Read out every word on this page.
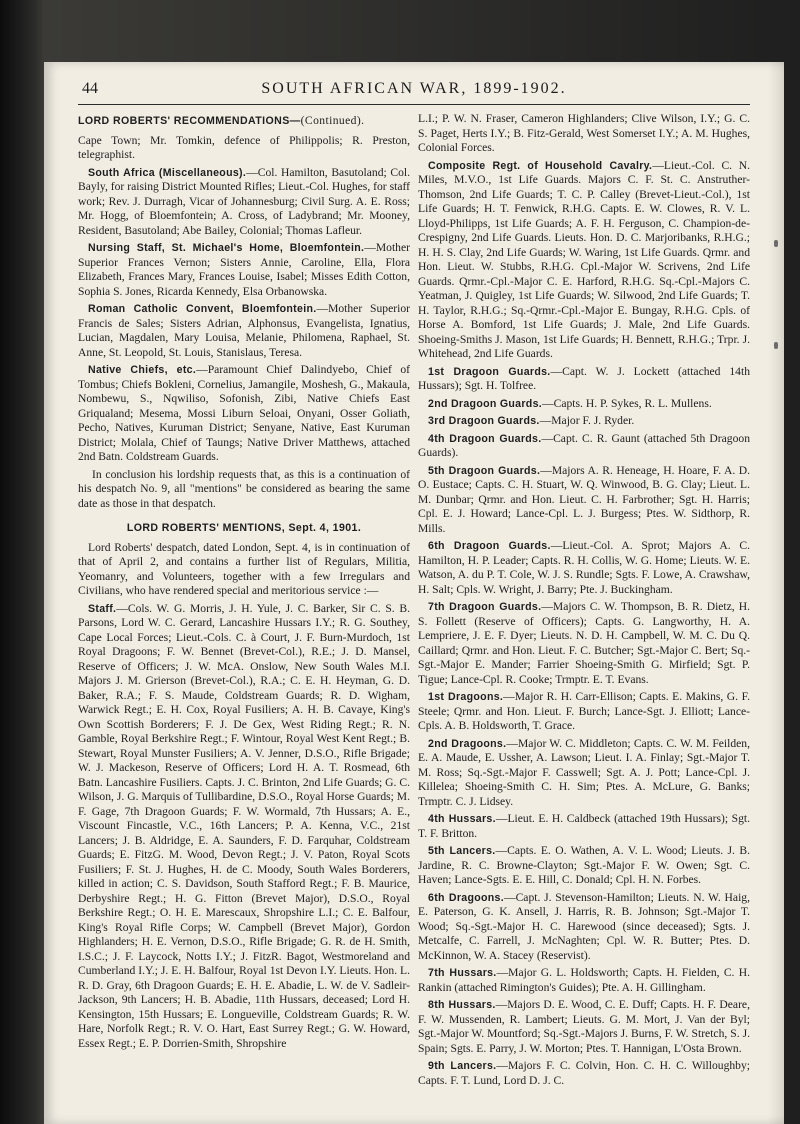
44	SOUTH AFRICAN WAR, 1899-1902.
LORD ROBERTS' RECOMMENDATIONS—(Continued).

Cape Town; Mr. Tomkin, defence of Philippolis; R. Preston, telegraphist.

South Africa (Miscellaneous).—Col. Hamilton, Basutoland; Col. Bayly, for raising District Mounted Rifles; Lieut.-Col. Hughes, for staff work; Rev. J. Durragh, Vicar of Johannesburg; Civil Surg. A. E. Ross; Mr. Hogg, of Bloemfontein; A. Cross, of Ladybrand; Mr. Mooney, Resident, Basutoland; Abe Bailey, Colonial; Thomas Lafleur.

Nursing Staff, St. Michael's Home, Bloemfontein.—Mother Superior Frances Vernon; Sisters Annie, Caroline, Ella, Flora Elizabeth, Frances Mary, Frances Louise, Isabel; Misses Edith Cotton, Sophia S. Jones, Ricarda Kennedy, Elsa Orbanowska.

Roman Catholic Convent, Bloemfontein.—Mother Superior Francis de Sales; Sisters Adrian, Alphonsus, Evangelista, Ignatius, Lucian, Magdalen, Mary Louisa, Melanie, Philomena, Raphael, St. Anne, St. Leopold, St. Louis, Stanislaus, Teresa.

Native Chiefs, etc.—Paramount Chief Dalindyebo, Chief of Tombus; Chiefs Bokleni, Cornelius, Jamangile, Moshesh, G., Makaula, Nombewu, S., Nqwiliso, Sofonish, Zibi, Native Chiefs East Griqualand; Mesema, Mossi Liburn Seloai, Onyani, Osser Goliath, Pecho, Natives, Kuruman District; Senyane, Native, East Kuruman District; Molala, Chief of Taungs; Native Driver Matthews, attached 2nd Batn. Coldstream Guards.

In conclusion his lordship requests that, as this is a continuation of his despatch No. 9, all "mentions" be considered as bearing the same date as those in that despatch.

LORD ROBERTS' MENTIONS, Sept. 4, 1901.

Lord Roberts' despatch, dated London, Sept. 4, is in continuation of that of April 2, and contains a further list of Regulars, Militia, Yeomanry, and Volunteers, together with a few Irregulars and Civilians, who have rendered special and meritorious service :—

Staff.—Cols. W. G. Morris, J. H. Yule, J. C. Barker, Sir C. S. B. Parsons, Lord W. C. Gerard, Lancashire Hussars I.Y.; R. G. Southey, Cape Local Forces; Lieut.-Cols. C. à Court, J. F. Burn-Murdoch, 1st Royal Dragoons; F. W. Bennet (Brevet-Col.), R.E.; J. D. Mansel, Reserve of Officers; J. W. McA. Onslow, New South Wales M.I. Majors J. M. Grierson (Brevet-Col.), R.A.; C. E. H. Heyman, G. D. Baker, R.A.; F. S. Maude, Coldstream Guards; R. D. Wigham, Warwick Regt.; E. H. Cox, Royal Fusiliers; A. H. B. Cavaye, King's Own Scottish Borderers; F. J. De Gex, West Riding Regt.; R. N. Gamble, Royal Berkshire Regt.; F. Wintour, Royal West Kent Regt.; B. Stewart, Royal Munster Fusiliers; A. V. Jenner, D.S.O., Rifle Brigade; W. J. Mackeson, Reserve of Officers; Lord H. A. T. Rosmead, 6th Batn. Lancashire Fusiliers. Capts. J. C. Brinton, 2nd Life Guards; G. C. Wilson, J. G. Marquis of Tullibardine, D.S.O., Royal Horse Guards; M. F. Gage, 7th Dragoon Guards; F. W. Wormald, 7th Hussars; A. E., Viscount Fincastle, V.C., 16th Lancers; P. A. Kenna, V.C., 21st Lancers; J. B. Aldridge, E. A. Saunders, F. D. Farquhar, Coldstream Guards; E. FitzG. M. Wood, Devon Regt.; J. V. Paton, Royal Scots Fusiliers; F. St. J. Hughes, H. de C. Moody, South Wales Borderers, killed in action; C. S. Davidson, South Stafford Regt.; F. B. Maurice, Derbyshire Regt.; H. G. Fitton (Brevet Major), D.S.O., Royal Berkshire Regt.; O. H. E. Marescaux, Shropshire L.I.; C. E. Balfour, King's Royal Rifle Corps; W. Campbell (Brevet Major), Gordon Highlanders; H. E. Vernon, D.S.O., Rifle Brigade; G. R. de H. Smith, I.S.C.; J. F. Laycock, Notts I.Y.; J. FitzR. Bagot, Westmoreland and Cumberland I.Y.; J. E. H. Balfour, Royal 1st Devon I.Y. Lieuts. Hon. L. R. D. Gray, 6th Dragoon Guards; E. H. E. Abadie, L. W. de V. Sadleir-Jackson, 9th Lancers; H. B. Abadie, 11th Hussars, deceased; Lord H. Kensington, 15th Hussars; E. Longueville, Coldstream Guards; R. W. Hare, Norfolk Regt.; R. V. O. Hart, East Surrey Regt.; G. W. Howard, Essex Regt.; E. P. Dorrien-Smith, Shropshire

L.I.; P. W. N. Fraser, Cameron Highlanders; Clive Wilson, I.Y.; G. C. S. Paget, Herts I.Y.; B. Fitz-Gerald, West Somerset I.Y.; A. M. Hughes, Colonial Forces.

Composite Regt. of Household Cavalry.—Lieut.-Col. C. N. Miles, M.V.O., 1st Life Guards. Majors C. F. St. C. Anstruther-Thomson, 2nd Life Guards; T. C. P. Calley (Brevet-Lieut.-Col.), 1st Life Guards; H. T. Fenwick, R.H.G. Capts. E. W. Clowes, R. V. L. Lloyd-Philipps, 1st Life Guards; A. F. H. Ferguson, C. Champion-de-Crespigny, 2nd Life Guards. Lieuts. Hon. D. C. Marjoribanks, R.H.G.; H. H. S. Clay, 2nd Life Guards; W. Waring, 1st Life Guards. Qrmr. and Hon. Lieut. W. Stubbs, R.H.G. Cpl.-Major W. Scrivens, 2nd Life Guards. Qrmr.-Cpl.-Major C. E. Harford, R.H.G. Sq.-Cpl.-Majors C. Yeatman, J. Quigley, 1st Life Guards; W. Silwood, 2nd Life Guards; T. H. Taylor, R.H.G.; Sq.-Qrmr.-Cpl.-Major E. Bungay, R.H.G. Cpls. of Horse A. Bomford, 1st Life Guards; J. Male, 2nd Life Guards. Shoeing-Smiths J. Mason, 1st Life Guards; H. Bennett, R.H.G.; Trpr. J. Whitehead, 2nd Life Guards.

1st Dragoon Guards.—Capt. W. J. Lockett (attached 14th Hussars); Sgt. H. Tolfree.

2nd Dragoon Guards.—Capts. H. P. Sykes, R. L. Mullens.

3rd Dragoon Guards.—Major F. J. Ryder.

4th Dragoon Guards.—Capt. C. R. Gaunt (attached 5th Dragoon Guards).

5th Dragoon Guards.—Majors A. R. Heneage, H. Hoare, F. A. D. O. Eustace; Capts. C. H. Stuart, W. Q. Winwood, B. G. Clay; Lieut. L. M. Dunbar; Qrmr. and Hon. Lieut. C. H. Farbrother; Sgt. H. Harris; Cpl. E. J. Howard; Lance-Cpl. L. J. Burgess; Ptes. W. Sidthorp, R. Mills.

6th Dragoon Guards.—Lieut.-Col. A. Sprot; Majors A. C. Hamilton, H. P. Leader; Capts. R. H. Collis, W. G. Home; Lieuts. W. E. Watson, A. du P. T. Cole, W. J. S. Rundle; Sgts. F. Lowe, A. Crawshaw, H. Salt; Cpls. W. Wright, J. Barry; Pte. J. Buckingham.

7th Dragoon Guards.—Majors C. W. Thompson, B. R. Dietz, H. S. Follett (Reserve of Officers); Capts. G. Langworthy, H. A. Lempriere, J. E. F. Dyer; Lieuts. N. D. H. Campbell, W. M. C. Du Q. Caillard; Qrmr. and Hon. Lieut. F. C. Butcher; Sgt.-Major C. Bert; Sq.-Sgt.-Major E. Mander; Farrier Shoeing-Smith G. Mirfield; Sgt. P. Tigue; Lance-Cpl. R. Cooke; Trmptr. E. T. Evans.

1st Dragoons.—Major R. H. Carr-Ellison; Capts. E. Makins, G. F. Steele; Qrmr. and Hon. Lieut. F. Burch; Lance-Sgt. J. Elliott; Lance-Cpls. A. B. Holdsworth, T. Grace.

2nd Dragoons.—Major W. C. Middleton; Capts. C. W. M. Feilden, E. A. Maude, E. Ussher, A. Lawson; Lieut. I. A. Finlay; Sgt.-Major T. M. Ross; Sq.-Sgt.-Major F. Casswell; Sgt. A. J. Pott; Lance-Cpl. J. Killelea; Shoeing-Smith C. H. Sim; Ptes. A. McLure, G. Banks; Trmptr. C. J. Lidsey.

4th Hussars.—Lieut. E. H. Caldbeck (attached 19th Hussars); Sgt. T. F. Britton.

5th Lancers.—Capts. E. O. Wathen, A. V. L. Wood; Lieuts. J. B. Jardine, R. C. Browne-Clayton; Sgt.-Major F. W. Owen; Sgt. C. Haven; Lance-Sgts. E. E. Hill, C. Donald; Cpl. H. N. Forbes.

6th Dragoons.—Capt. J. Stevenson-Hamilton; Lieuts. N. W. Haig, E. Paterson, G. K. Ansell, J. Harris, R. B. Johnson; Sgt.-Major T. Wood; Sq.-Sgt.-Major H. C. Harewood (since deceased); Sgts. J. Metcalfe, C. Farrell, J. McNaghten; Cpl. W. R. Butter; Ptes. D. McKinnon, W. A. Stacey (Reservist).

7th Hussars.—Major G. L. Holdsworth; Capts. H. Fielden, C. H. Rankin (attached Rimington's Guides); Pte. A. H. Gillingham.

8th Hussars.—Majors D. E. Wood, C. E. Duff; Capts. H. F. Deare, F. W. Mussenden, R. Lambert; Lieuts. G. M. Mort, J. Van der Byl; Sgt.-Major W. Mountford; Sq.-Sgt.-Majors J. Burns, F. W. Stretch, S. J. Spain; Sgts. E. Parry, J. W. Morton; Ptes. T. Hannigan, L'Osta Brown.

9th Lancers.—Majors F. C. Colvin, Hon. C. H. C. Willoughby; Capts. F. T. Lund, Lord D. J. C.
